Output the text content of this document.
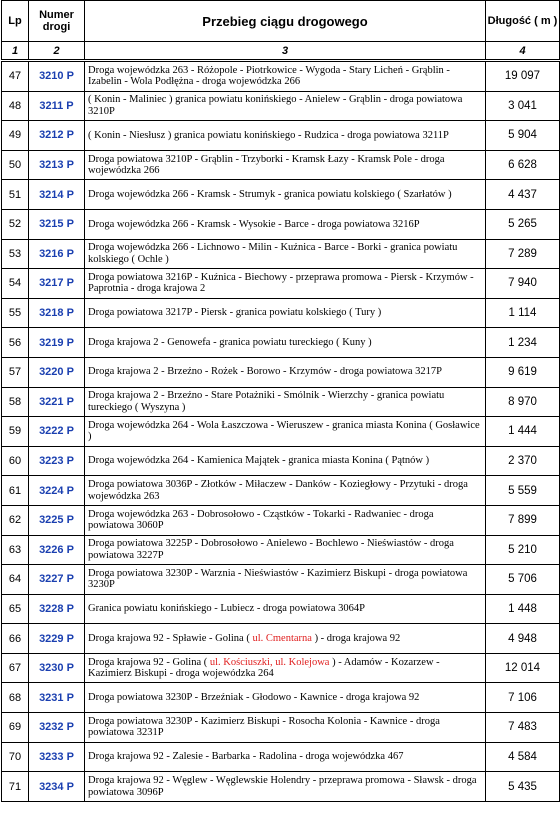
Lp	Numer drogi	Przebieg ciągu drogowego	Długość ( m )
1	2	3	4
47	3210 P	Droga wojewódzka 263 - Różopole - Piotrkowice - Wygoda - Stary Licheń - Grąblin - Izabelin - Wola Podłężna - droga wojewódzka 266	19 097
48	3211 P	( Konin - Maliniec ) granica powiatu konińskiego - Anielew - Grąblin - droga powiatowa 3210P	3 041
49	3212 P	( Konin - Niesłusz ) granica powiatu konińskiego - Rudzica - droga powiatowa 3211P	5 904
50	3213 P	Droga powiatowa 3210P - Grąblin - Trzyborki - Kramsk Łazy - Kramsk Pole - droga wojewódzka 266	6 628
51	3214 P	Droga wojewódzka 266 - Kramsk - Strumyk - granica powiatu kolskiego ( Szarłatów )	4 437
52	3215 P	Droga wojewódzka 266 - Kramsk - Wysokie - Barce - droga powiatowa 3216P	5 265
53	3216 P	Droga wojewódzka 266 - Lichnowo - Milin - Kuźnica - Barce - Borki - granica powiatu kolskiego ( Ochle )	7 289
54	3217 P	Droga powiatowa 3216P - Kuźnica - Biechowy - przeprawa promowa - Piersk - Krzymów - Paprotnia - droga krajowa 2	7 940
55	3218 P	Droga powiatowa 3217P - Piersk - granica powiatu kolskiego ( Tury )	1 114
56	3219 P	Droga krajowa 2 - Genowefa - granica powiatu tureckiego ( Kuny )	1 234
57	3220 P	Droga krajowa 2 - Brzeźno - Rożek - Borowo - Krzymów - droga powiatowa 3217P	9 619
58	3221 P	Droga krajowa 2 - Brzeźno - Stare Potażniki - Smólnik - Wierzchy - granica powiatu tureckiego ( Wyszyna )	8 970
59	3222 P	Droga wojewódzka 264 - Wola Łaszczowa - Wieruszew - granica miasta Konina ( Gosławice )	1 444
60	3223 P	Droga wojewódzka 264 - Kamienica Majątek - granica miasta Konina ( Pątnów )	2 370
61	3224 P	Droga powiatowa 3036P - Złotków - Miłaczew - Danków - Koziegłowy - Przytuki - droga wojewódzka 263	5 559
62	3225 P	Droga wojewódzka 263 - Dobrosołowo - Cząstków - Tokarki - Radwaniec - droga powiatowa 3060P	7 899
63	3226 P	Droga powiatowa 3225P - Dobrosołowo - Anielewo - Bochlewo - Nieświastów - droga powiatowa 3227P	5 210
64	3227 P	Droga powiatowa 3230P - Warznia - Nieświastów - Kazimierz Biskupi - droga powiatowa 3230P	5 706
65	3228 P	Granica powiatu konińskiego - Lubiecz - droga powiatowa 3064P	1 448
66	3229 P	Droga krajowa 92 - Spławie - Golina ( ul. Cmentarna ) - droga krajowa 92	4 948
67	3230 P	Droga krajowa 92 - Golina ( ul. Kościuszki, ul. Kolejowa ) - Adamów - Kozarzew - Kazimierz Biskupi - droga wojewódzka 264	12 014
68	3231 P	Droga powiatowa 3230P - Brzeźniak - Głodowo - Kawnice - droga krajowa 92	7 106
69	3232 P	Droga powiatowa 3230P - Kazimierz Biskupi - Rosocha Kolonia - Kawnice - droga powiatowa 3231P	7 483
70	3233 P	Droga krajowa 92 - Zalesie - Barbarka - Radolina - droga wojewódzka 467	4 584
71	3234 P	Droga krajowa 92 - Węglew - Węglewskie Holendry - przeprawa promowa - Sławsk - droga powiatowa 3096P	5 435
